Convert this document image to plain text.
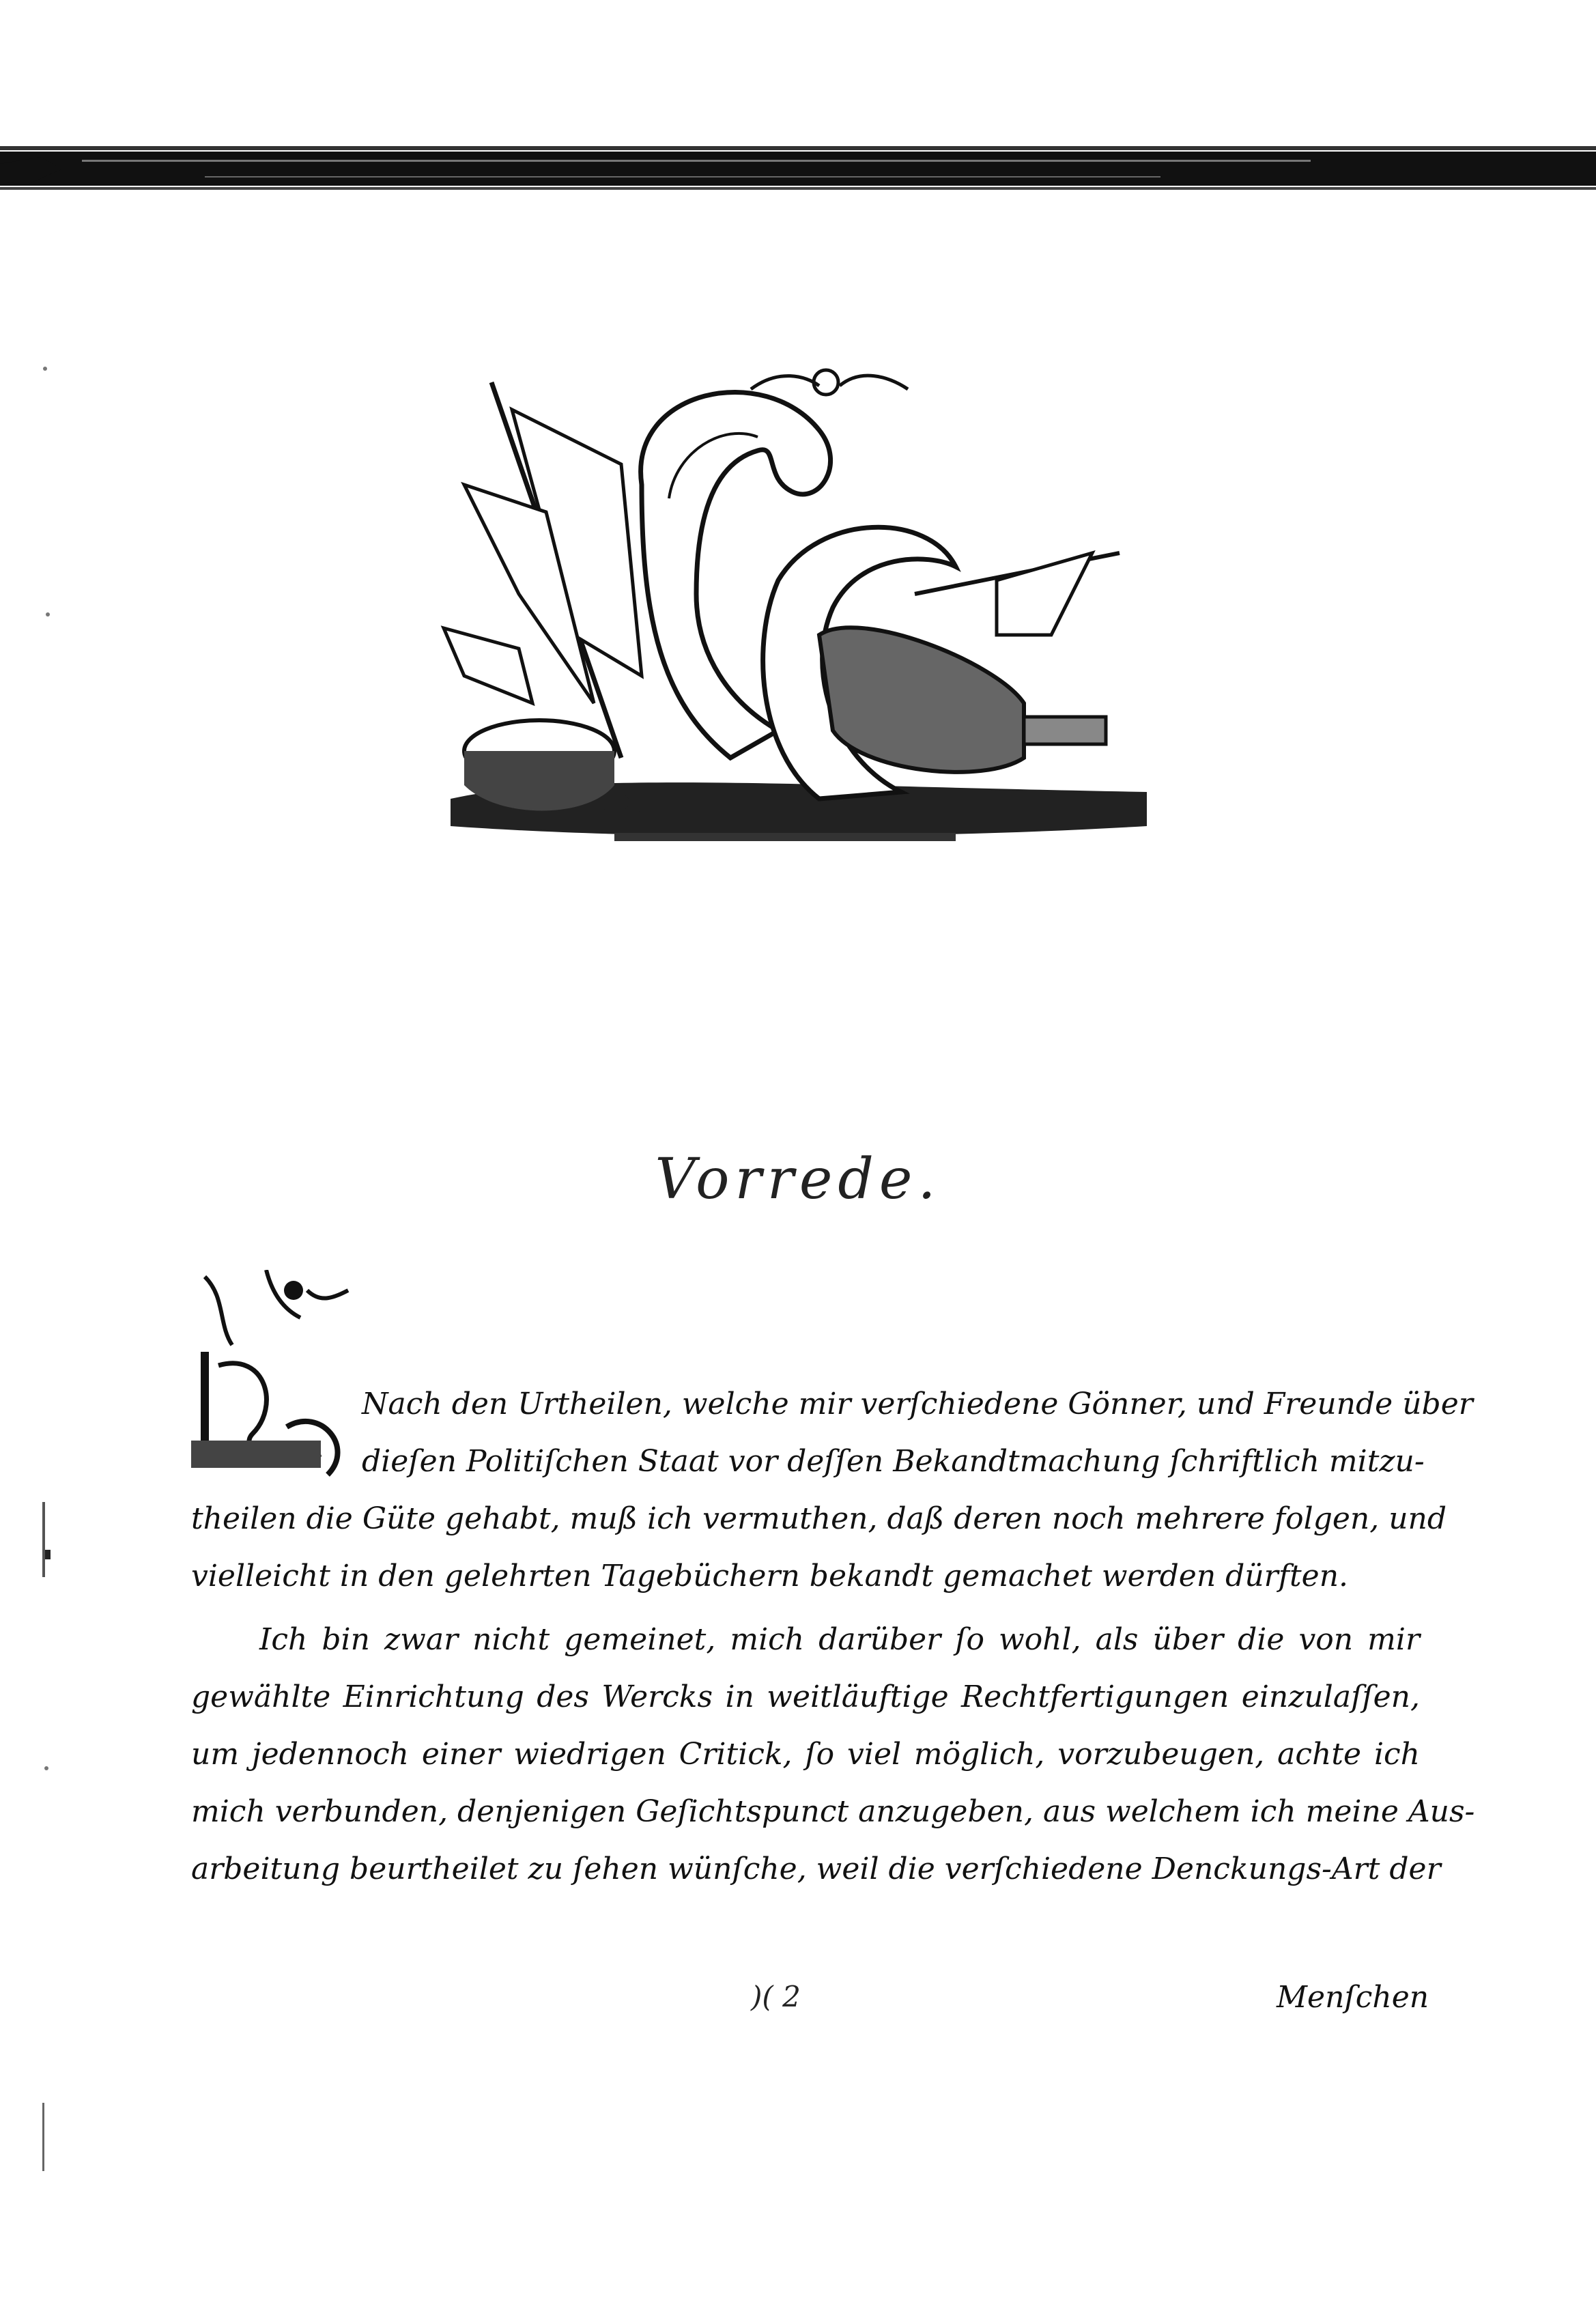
Vorrede.
Nach den Urtheilen, welche mir verſchiedene Gönner, und Freunde über
dieſen Politiſchen Staat vor deſſen Bekandtmachung ſchriftlich mitzu-
theilen die Güte gehabt, muß ich vermuthen, daß deren noch mehrere folgen, und
vielleicht in den gelehrten Tagebüchern bekandt gemachet werden dürften.
Ich bin zwar nicht gemeinet, mich darüber ſo wohl, als über die von mir
gewählte Einrichtung des Wercks in weitläuftige Rechtfertigungen einzulaſſen,
um jedennoch einer wiedrigen Critick, ſo viel möglich, vorzubeugen, achte ich
mich verbunden, denjenigen Geſichtspunct anzugeben, aus welchem ich meine Aus-
arbeitung beurtheilet zu ſehen wünſche, weil die verſchiedene Denckungs-Art der
)( 2	Menſchen
